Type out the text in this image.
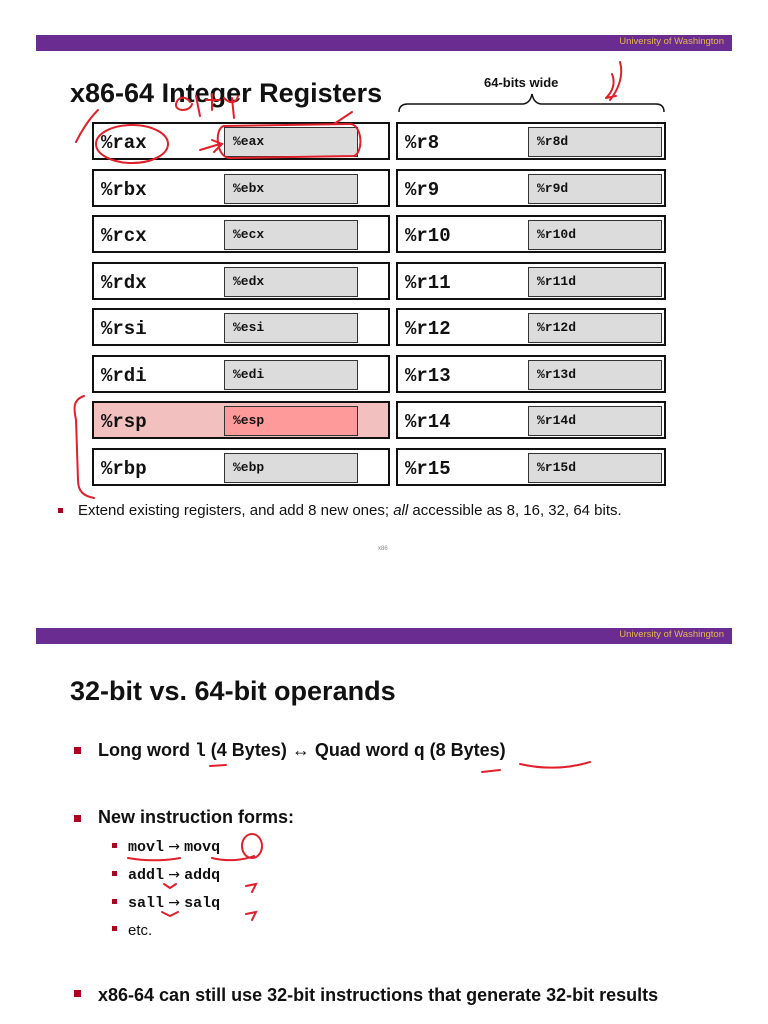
University of Washington
x86-64 Integer Registers	64-bits wide
%rax	%eax
%rbx	%ebx
%rcx	%ecx
%rdx	%edx
%rsi	%esi
%rdi	%edi
%rsp	%esp
%rbp	%ebp
%r8	%r8d
%r9	%r9d
%r10	%r10d
%r11	%r11d
%r12	%r12d
%r13	%r13d
%r14	%r14d
%r15	%r15d
Extend existing registers, and add 8 new ones; all accessible as 8, 16, 32, 64 bits.
x86
University of Washington
32-bit vs. 64-bit operands
Long word l (4 Bytes) ↔ Quad word q (8 Bytes)
New instruction forms:
movl → movq
addl → addq
sall → salq
etc.
x86-64 can still use 32-bit instructions that generate 32-bit results
